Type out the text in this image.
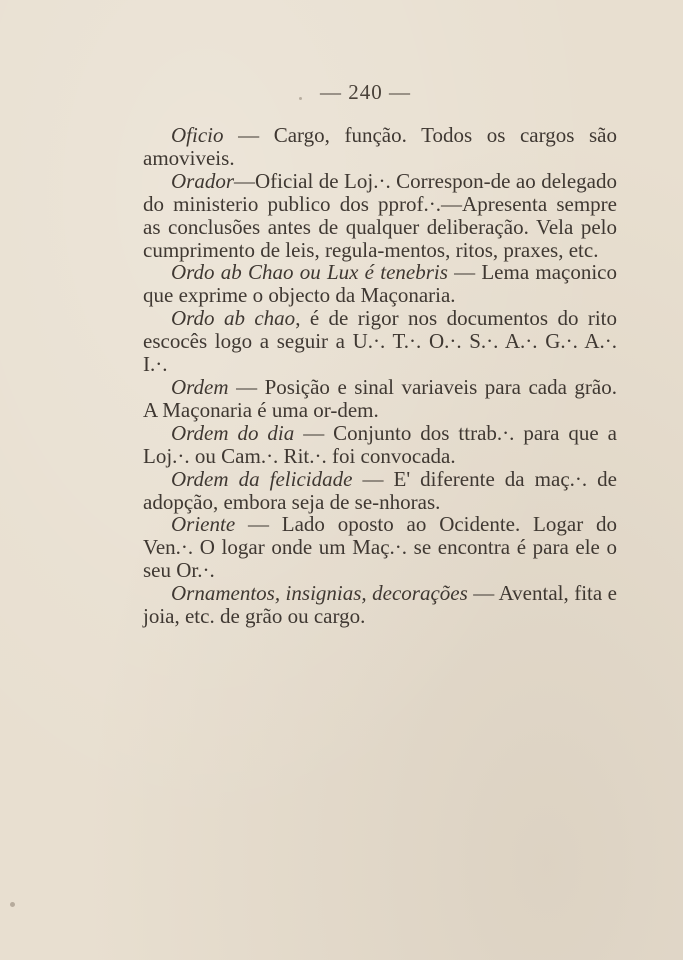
— 240 —

Oficio — Cargo, função. Todos os cargos são amoviveis.

Orador—Oficial de Loj.·. Correspon-de ao delegado do ministerio publico dos pprof.·.—Apresenta sempre as conclusões antes de qualquer deliberação. Vela pelo cumprimento de leis, regula-mentos, ritos, praxes, etc.

Ordo ab Chao ou Lux é tenebris — Lema maçonico que exprime o objecto da Maçonaria.

Ordo ab chao, é de rigor nos documentos do rito escocês logo a seguir a U.·. T.·. O.·. S.·. A.·. G.·. A.·. I.·.

Ordem — Posição e sinal variaveis para cada grão. A Maçonaria é uma or-dem.

Ordem do dia — Conjunto dos ttrab.·. para que a Loj.·. ou Cam.·. Rit.·. foi convocada.

Ordem da felicidade — E' diferente da maç.·. de adopção, embora seja de se-nhoras.

Oriente — Lado oposto ao Ocidente. Logar do Ven.·. O logar onde um Maç.·. se encontra é para ele o seu Or.·.

Ornamentos, insignias, decorações — Avental, fita e joia, etc. de grão ou cargo.
